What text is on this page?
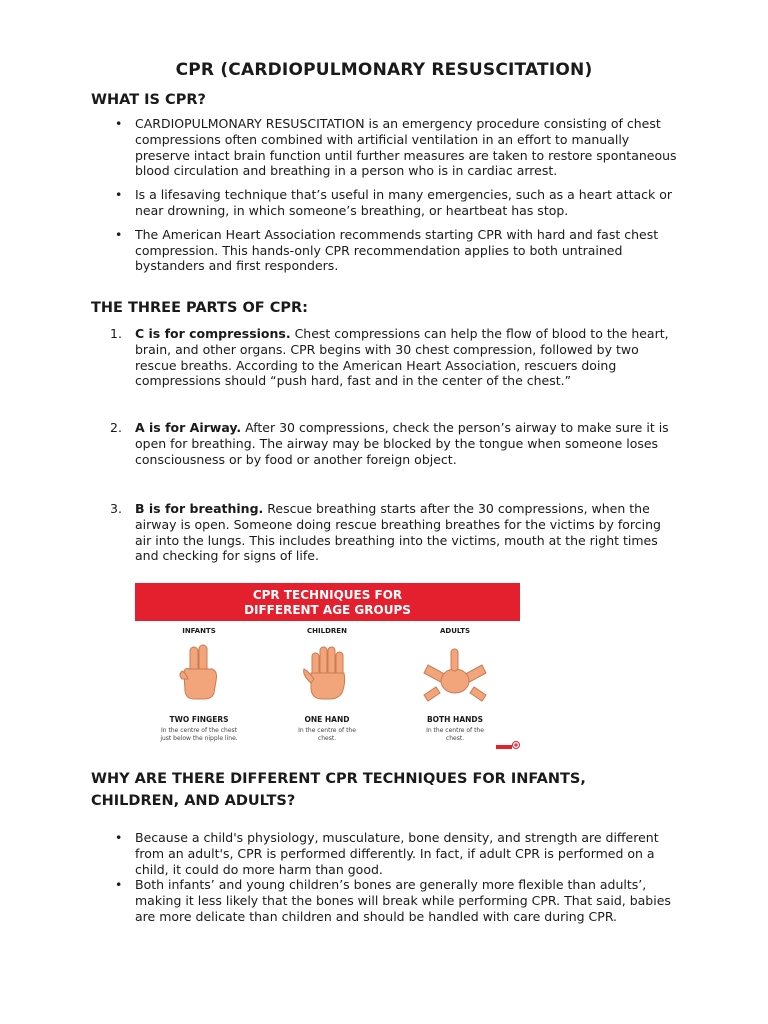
CPR (CARDIOPULMONARY RESUSCITATION)
WHAT IS CPR?
• CARDIOPULMONARY RESUSCITATION is an emergency procedure consisting of chest compressions often combined with artificial ventilation in an effort to manually preserve intact brain function until further measures are taken to restore spontaneous blood circulation and breathing in a person who is in cardiac arrest.
• Is a lifesaving technique that’s useful in many emergencies, such as a heart attack or near drowning, in which someone’s breathing, or heartbeat has stop.
• The American Heart Association recommends starting CPR with hard and fast chest compression. This hands-only CPR recommendation applies to both untrained bystanders and first responders.
THE THREE PARTS OF CPR:
1. C is for compressions. Chest compressions can help the flow of blood to the heart, brain, and other organs. CPR begins with 30 chest compression, followed by two rescue breaths. According to the American Heart Association, rescuers doing compressions should “push hard, fast and in the center of the chest.”
2. A is for Airway. After 30 compressions, check the person’s airway to make sure it is open for breathing. The airway may be blocked by the tongue when someone loses consciousness or by food or another foreign object.
3. B is for breathing. Rescue breathing starts after the 30 compressions, when the airway is open. Someone doing rescue breathing breathes for the victims by forcing air into the lungs. This includes breathing into the victims, mouth at the right times and checking for signs of life.
CPR TECHNIQUES FOR
DIFFERENT AGE GROUPS
INFANTS
TWO FINGERS
In the centre of the chest just below the nipple line.
CHILDREN
ONE HAND
In the centre of the chest.
ADULTS
BOTH HANDS
In the centre of the chest.
WHY ARE THERE DIFFERENT CPR TECHNIQUES FOR INFANTS,
CHILDREN, AND ADULTS?
• Because a child's physiology, musculature, bone density, and strength are different from an adult's, CPR is performed differently. In fact, if adult CPR is performed on a child, it could do more harm than good.
• Both infants’ and young children’s bones are generally more flexible than adults’, making it less likely that the bones will break while performing CPR. That said, babies are more delicate than children and should be handled with care during CPR.
